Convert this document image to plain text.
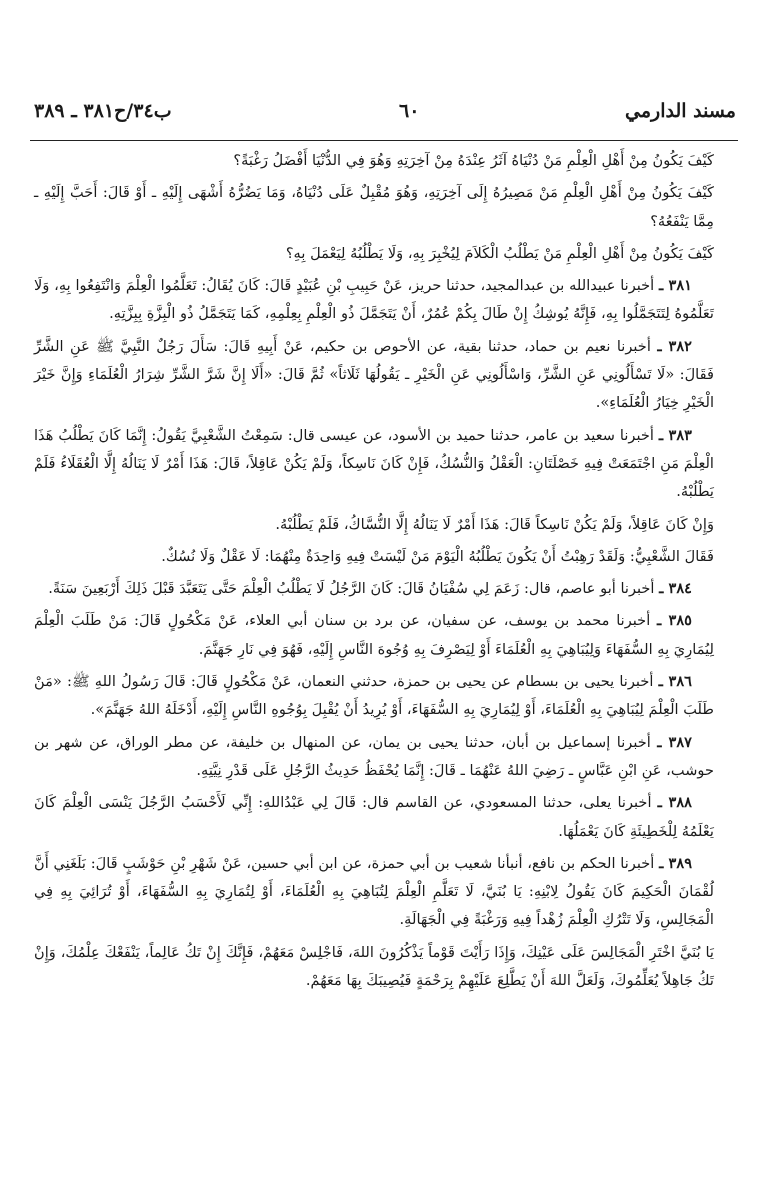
ب٣٤/ح٣٨١ ـ ٣٨٩	٦٠	مسند الدارمي

كَيْفَ يَكُونُ مِنْ أَهْلِ الْعِلْمِ مَنْ دُنْيَاهُ آثَرُ عِنْدَهُ مِنْ آخِرَتِهِ وَهُوَ فِي الدُّنْيَا أَفْضَلُ رَغْبَةً؟

كَيْفَ يَكُونُ مِنْ أَهْلِ الْعِلْمِ مَنْ مَصِيرُهُ إِلَى آخِرَتِهِ، وَهُوَ مُقْبِلٌ عَلَى دُنْيَاهُ، وَمَا يَضُرُّهُ أَشْهَى إِلَيْهِ ـ أَوْ قَالَ: أَحَبَّ إِلَيْهِ ـ مِمَّا يَنْفَعُهُ؟

كَيْفَ يَكُونُ مِنْ أَهْلِ الْعِلْمِ مَنْ يَطْلُبُ الْكَلاَمَ لِيُخْبِرَ بِهِ، وَلَا يَطْلُبُهُ لِيَعْمَلَ بِهِ؟

٣٨١ ـ أخبرنا عبيدالله بن عبدالمجيد، حدثنا حريز، عَنْ حَبِيبِ بْنِ عُبَيْدٍ قَالَ: كَانَ يُقَالُ: تَعَلَّمُوا الْعِلْمَ وَانْتَفِعُوا بِهِ، وَلَا تَعَلَّمُوهُ لِتَتَجَمَّلُوا بِهِ، فَإِنَّهُ يُوشِكُ إِنْ طَالَ بِكُمْ عُمُرٌ، أَنْ يَتَجَمَّلَ ذُو الْعِلْمِ بِعِلْمِهِ، كَمَا يَتَجَمَّلُ ذُو الْبِزَّةِ بِبِزَّتِهِ.

٣٨٢ ـ أخبرنا نعيم بن حماد، حدثنا بقية، عن الأحوص بن حكيم، عَنْ أَبِيهِ قَالَ: سَأَلَ رَجُلٌ النَّبِيَّ ﷺ عَنِ الشَّرِّ فَقَالَ: «لَا تَسْأَلُونِي عَنِ الشَّرِّ، وَاسْأَلُونِي عَنِ الْخَيْرِ ـ يَقُولُهَا ثَلَاثاً» ثُمَّ قَالَ: «أَلَا إِنَّ شَرَّ الشَّرِّ شِرَارُ الْعُلَمَاءِ وَإِنَّ خَيْرَ الْخَيْرِ خِيَارُ الْعُلَمَاءِ».

٣٨٣ ـ أخبرنا سعيد بن عامر، حدثنا حميد بن الأسود، عن عيسى قال: سَمِعْتُ الشَّعْبِيَّ يَقُولُ: إِنَّمَا كَانَ يَطْلُبُ هَذَا الْعِلْمَ مَنِ اجْتَمَعَتْ فِيهِ خَصْلَتَانِ: الْعَقْلُ وَالنُّسُكُ، فَإِنْ كَانَ نَاسِكاً، وَلَمْ يَكُنْ عَاقِلاً، قَالَ: هَذَا أَمْرٌ لَا يَنَالُهُ إِلَّا الْعُقَلَاءُ فَلَمْ يَطْلُبْهُ.

وَإِنْ كَانَ عَاقِلاً، وَلَمْ يَكُنْ نَاسِكاً قَالَ: هَذَا أَمْرٌ لَا يَنَالُهُ إِلَّا النُّسَّاكُ، فَلَمْ يَطْلُبْهُ.

فَقَالَ الشَّعْبِيُّ: وَلَقَدْ رَهِبْتُ أَنْ يَكُونَ يَطْلُبُهُ الْيَوْمَ مَنْ لَيْسَتْ فِيهِ وَاحِدَةٌ مِنْهُمَا: لَا عَقْلٌ وَلَا نُسُكٌ.

٣٨٤ ـ أخبرنا أبو عاصم، قال: زَعَمَ لِي سُفْيَانُ قَالَ: كَانَ الرَّجُلُ لَا يَطْلُبُ الْعِلْمَ حَتَّى يَتَعَبَّدَ قَبْلَ ذَلِكَ أَرْبَعِينَ سَنَةً.

٣٨٥ ـ أخبرنا محمد بن يوسف، عن سفيان، عن برد بن سنان أبي العلاء، عَنْ مَكْحُولٍ قَالَ: مَنْ طَلَبَ الْعِلْمَ لِيُمَارِيَ بِهِ السُّفَهَاءَ وَلِيُبَاهِيَ بِهِ الْعُلَمَاءَ أَوْ لِيَصْرِفَ بِهِ وُجُوهَ النَّاسِ إِلَيْهِ، فَهُوَ فِي نَارِ جَهَنَّمَ.

٣٨٦ ـ أخبرنا يحيى بن بسطام عن يحيى بن حمزة، حدثني النعمان، عَنْ مَكْحُولٍ قَالَ: قَالَ رَسُولُ اللهِ ﷺ: «مَنْ طَلَبَ الْعِلْمَ لِيُبَاهِيَ بِهِ الْعُلَمَاءَ، أَوْ لِيُمَارِيَ بِهِ السُّفَهَاءَ، أَوْ يُرِيدُ أَنْ يُقْبِلَ بِوُجُوهِ النَّاسِ إِلَيْهِ، أَدْخَلَهُ اللهُ جَهَنَّمَ».

٣٨٧ ـ أخبرنا إسماعيل بن أبان، حدثنا يحيى بن يمان، عن المنهال بن خليفة، عن مطر الوراق، عن شهر بن حوشب، عَنِ ابْنِ عَبَّاسٍ ـ رَضِيَ اللهُ عَنْهُمَا ـ قَالَ: إِنَّمَا يُحْفَظُ حَدِيثُ الرَّجُلِ عَلَى قَدْرِ نِيَّتِهِ.

٣٨٨ ـ أخبرنا يعلى، حدثنا المسعودي، عن القاسم قال: قَالَ لِي عَبْدُاللهِ: إِنِّي لَأَحْسَبُ الرَّجُلَ يَنْسَى الْعِلْمَ كَانَ يَعْلَمُهُ لِلْخَطِيئَةِ كَانَ يَعْمَلُهَا.

٣٨٩ ـ أخبرنا الحكم بن نافع، أنبأنا شعيب بن أبي حمزة، عن ابن أبي حسين، عَنْ شَهْرِ بْنِ حَوْشَبٍ قَالَ: بَلَغَنِي أَنَّ لُقْمَانَ الْحَكِيمَ كَانَ يَقُولُ لِابْنِهِ: يَا بُنَيَّ، لَا تَعَلَّمِ الْعِلْمَ لِتُبَاهِيَ بِهِ الْعُلَمَاءَ، أَوْ لِتُمَارِيَ بِهِ السُّفَهَاءَ، أَوْ تُرَائِيَ بِهِ فِي الْمَجَالِسِ، وَلَا تَتْرُكِ الْعِلْمَ زُهْداً فِيهِ وَرَغْبَةً فِي الْجَهَالَةِ.

يَا بُنَيَّ اخْتَرِ الْمَجَالِسَ عَلَى عَيْنِكَ، وَإِذَا رَأَيْتَ قَوْماً يَذْكُرُونَ اللهَ، فَاجْلِسْ مَعَهُمْ، فَإِنَّكَ إِنْ تَكُ عَالِماً، يَنْفَعْكَ عِلْمُكَ، وَإِنْ تَكُ جَاهِلاً يُعَلِّمُوكَ، وَلَعَلَّ اللهَ أَنْ يَطَّلِعَ عَلَيْهِمْ بِرَحْمَةٍ فَيُصِيبَكَ بِهَا مَعَهُمْ.
